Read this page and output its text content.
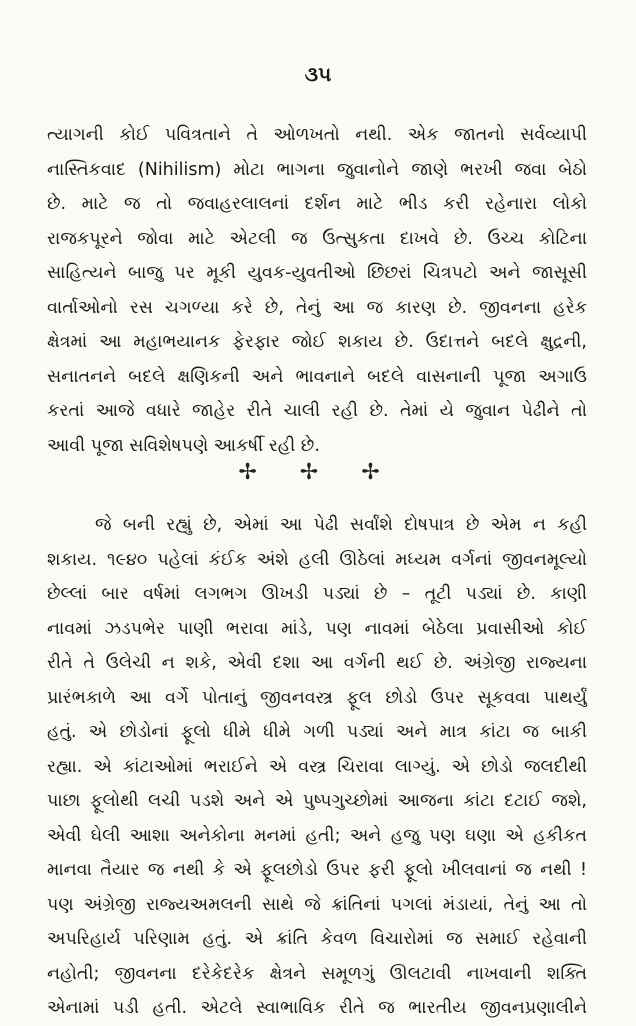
૩૫
ત્યાગની કોઈ પવિત્રતાને તે ઓળખતો નથી. એક જાતનો સર્વવ્યાપી
નાસ્તિકવાદ (Nihilism) મોટા ભાગના જુવાનોને જાણે ભરખી જવા બેઠો
છે. માટે જ તો જવાહરલાલનાં દર્શન માટે ભીડ કરી રહેનારા લોકો
રાજકપૂરને જોવા માટે એટલી જ ઉત્સુકતા દાખવે છે. ઉચ્ચ કોટિના
સાહિત્યને બાજુ પર મૂકી યુવક-યુવતીઓ છિછરાં ચિત્રપટો અને જાસૂસી
વાર્તાઓનો રસ ચગળ્યા કરે છે, તેનું આ જ કારણ છે. જીવનના હરેક
ક્ષેત્રમાં આ મહાભયાનક ફેરફાર જોઈ શકાય છે. ઉદાત્તને બદલે ક્ષુદ્રની,
સનાતનને બદલે ક્ષણિકની અને ભાવનાને બદલે વાસનાની પૂજા અગાઉ
કરતાં આજે વધારે જાહેર રીતે ચાલી રહી છે. તેમાં યે જુવાન પેઢીને તો
આવી પૂજા સવિશેષપણે આકર્ષી રહી છે.
✢ ✢ ✢
જે બની રહ્યું છે, એમાં આ પેઢી સર્વાંશે દોષપાત્ર છે એમ ન કહી
શકાય. ૧૯૪૦ પહેલાં કંઈક અંશે હલી ઊઠેલાં મધ્યમ વર્ગનાં જીવનમૂલ્યો
છેલ્લાં બાર વર્ષમાં લગભગ ઊખડી પડ્યાં છે – તૂટી પડ્યાં છે. કાણી
નાવમાં ઝડપભેર પાણી ભરાવા માંડે, પણ નાવમાં બેઠેલા પ્રવાસીઓ કોઈ
રીતે તે ઉલેચી ન શકે, એવી દશા આ વર્ગની થઈ છે. અંગ્રેજી રાજ્યના
પ્રારંભકાળે આ વર્ગે પોતાનું જીવનવસ્ત્ર ફૂલ છોડો ઉપર સૂકવવા પાથર્યું
હતું. એ છોડોનાં ફૂલો ધીમે ધીમે ગળી પડ્યાં અને માત્ર કાંટા જ બાકી
રહ્યા. એ કાંટાઓમાં ભરાઈને એ વસ્ત્ર ચિરાવા લાગ્યું. એ છોડો જલદીથી
પાછા ફૂલોથી લચી પડશે અને એ પુષ્પગુચ્છોમાં આજના કાંટા દટાઈ જશે,
એવી ઘેલી આશા અનેકોના મનમાં હતી; અને હજુ પણ ઘણા એ હકીકત
માનવા તૈયાર જ નથી કે એ ફૂલછોડો ઉપર ફરી ફૂલો ખીલવાનાં જ નથી !
પણ અંગ્રેજી રાજ્યઅમલની સાથે જે ક્રાંતિનાં પગલાં મંડાયાં, તેનું આ તો
અપરિહાર્ય પરિણામ હતું. એ ક્રાંતિ કેવળ વિચારોમાં જ સમાઈ રહેવાની
નહોતી; જીવનના દરેકેદરેક ક્ષેત્રને સમૂળગું ઊલટાવી નાખવાની શક્તિ
એનામાં પડી હતી. એટલે સ્વાભાવિક રીતે જ ભારતીય જીવનપ્રણાલીને
